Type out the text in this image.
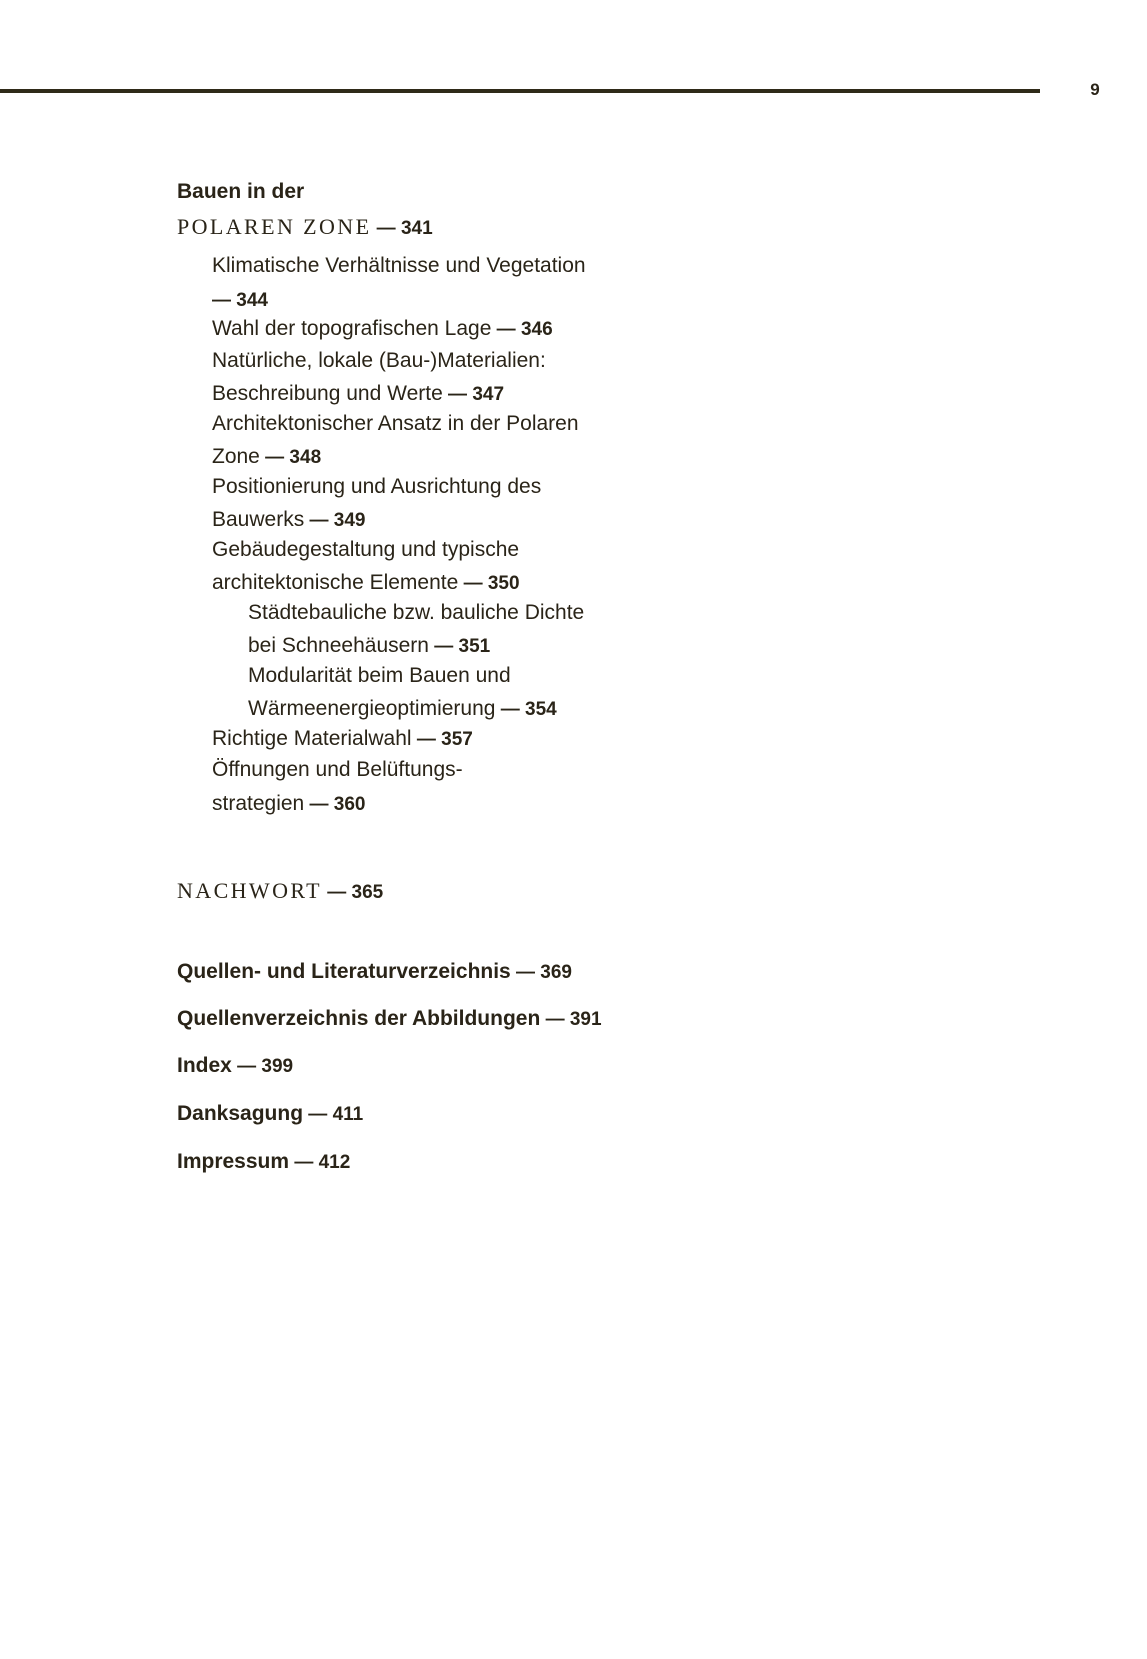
9
Bauen in der
POLAREN ZONE — 341
Klimatische Verhältnisse und Vegetation
— 344
Wahl der topografischen Lage — 346
Natürliche, lokale (Bau-)Materialien:
Beschreibung und Werte — 347
Architektonischer Ansatz in der Polaren
Zone — 348
Positionierung und Ausrichtung des
Bauwerks — 349
Gebäudegestaltung und typische
architektonische Elemente — 350
Städtebauliche bzw. bauliche Dichte
bei Schneehäusern — 351
Modularität beim Bauen und
Wärmeenergieoptimierung — 354
Richtige Materialwahl — 357
Öffnungen und Belüftungs-
strategien — 360
NACHWORT — 365
Quellen- und Literaturverzeichnis — 369
Quellenverzeichnis der Abbildungen — 391
Index — 399
Danksagung — 411
Impressum — 412
